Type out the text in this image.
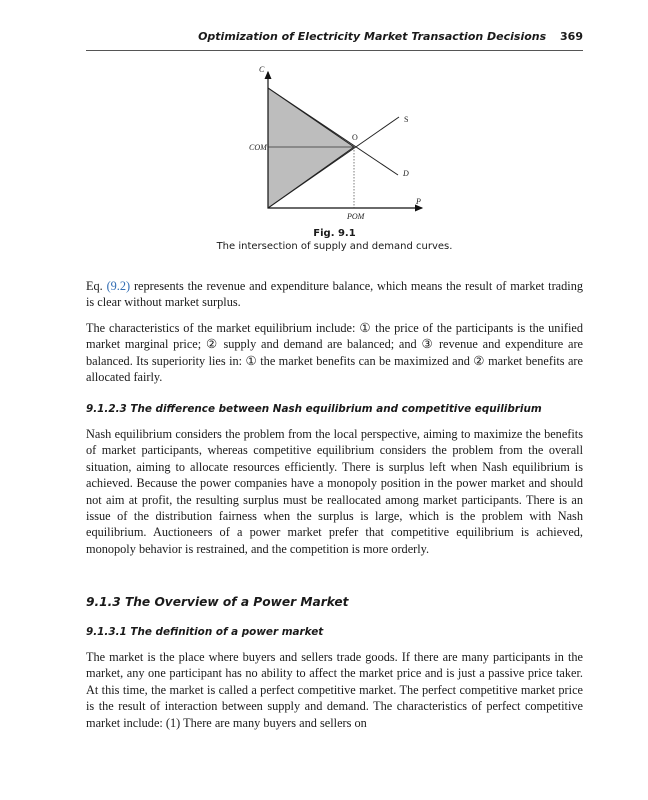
Optimization of Electricity Market Transaction Decisions 369
C
P
S
D
O
COM
POM
Fig. 9.1
The intersection of supply and demand curves.

Eq. (9.2) represents the revenue and expenditure balance, which means the result of market trading is clear without market surplus.

The characteristics of the market equilibrium include: ① the price of the participants is the unified market marginal price; ② supply and demand are balanced; and ③ revenue and expenditure are balanced. Its superiority lies in: ① the market benefits can be maximized and ② market benefits are allocated fairly.

9.1.2.3 The difference between Nash equilibrium and competitive equilibrium

Nash equilibrium considers the problem from the local perspective, aiming to maximize the benefits of market participants, whereas competitive equilibrium considers the problem from the overall situation, aiming to allocate resources efficiently. There is surplus left when Nash equilibrium is achieved. Because the power companies have a monopoly position in the power market and should not aim at profit, the resulting surplus must be reallocated among market participants. There is an issue of the distribution fairness when the surplus is large, which is the problem with Nash equilibrium. Auctioneers of a power market prefer that competitive equilibrium is achieved, monopoly behavior is restrained, and the competition is more orderly.

9.1.3 The Overview of a Power Market
9.1.3.1 The definition of a power market

The market is the place where buyers and sellers trade goods. If there are many participants in the market, any one participant has no ability to affect the market price and is just a passive price taker. At this time, the market is called a perfect competitive market. The perfect competitive market price is the result of interaction between supply and demand. The characteristics of perfect competitive market include: (1) There are many buyers and sellers on
